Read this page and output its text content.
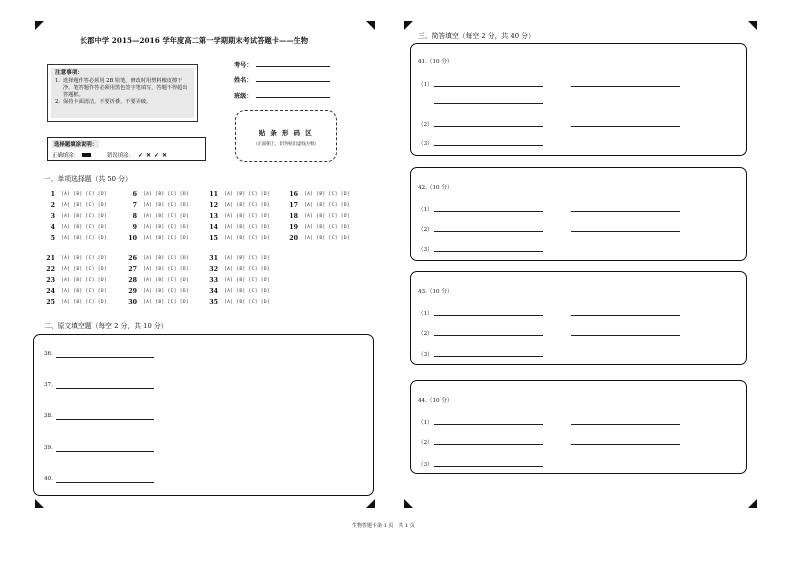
长郡中学 2015—2016 学年度高二第一学期期末考试答题卡——生物
注意事项：
1. 选择题作答必须用 2B 铅笔，修改时用塑料橡皮擦干净。笔答题作答必须用黑色签字笔填写，答题不得超出答题框。
2. 保持卡面清洁，不要折叠，不要弄破。
考号：
姓名：
班级：
贴 条 形 码 区
（正面朝上，切勿贴出虚线方框）
选择题填涂说明：
正确填涂：	错误填涂： ✓ ✕ ✓ ✕
一、单项选择题（共 50 分）
1 [A] [B] [C] [D]
2 [A] [B] [C] [D]
3 [A] [B] [C] [D]
4 [A] [B] [C] [D]
5 [A] [B] [C] [D]
6 [A] [B] [C] [D]
7 [A] [B] [C] [D]
8 [A] [B] [C] [D]
9 [A] [B] [C] [D]
10 [A] [B] [C] [D]
11 [A] [B] [C] [D]
12 [A] [B] [C] [D]
13 [A] [B] [C] [D]
14 [A] [B] [C] [D]
15 [A] [B] [C] [D]
16 [A] [B] [C] [D]
17 [A] [B] [C] [D]
18 [A] [B] [C] [D]
19 [A] [B] [C] [D]
20 [A] [B] [C] [D]
21 [A] [B] [C] [D]
22 [A] [B] [C] [D]
23 [A] [B] [C] [D]
24 [A] [B] [C] [D]
25 [A] [B] [C] [D]
26 [A] [B] [C] [D]
27 [A] [B] [C] [D]
28 [A] [B] [C] [D]
29 [A] [B] [C] [D]
30 [A] [B] [C] [D]
31 [A] [B] [C] [D]
32 [A] [B] [C] [D]
33 [A] [B] [C] [D]
34 [A] [B] [C] [D]
35 [A] [B] [C] [D]
二、原文填空题（每空 2 分，共 10 分）
36.
37.
38.
39.
40.
三、简答填空（每空 2 分，共 40 分）
41.（10 分）
（1）
（2）
（3）
42.（10 分）
（1）
（2）
（3）
43.（10 分）
（1）
（2）
（3）
44.（10 分）
（1）
（2）
（3）
生物答题卡第 1 页　共 1 页
